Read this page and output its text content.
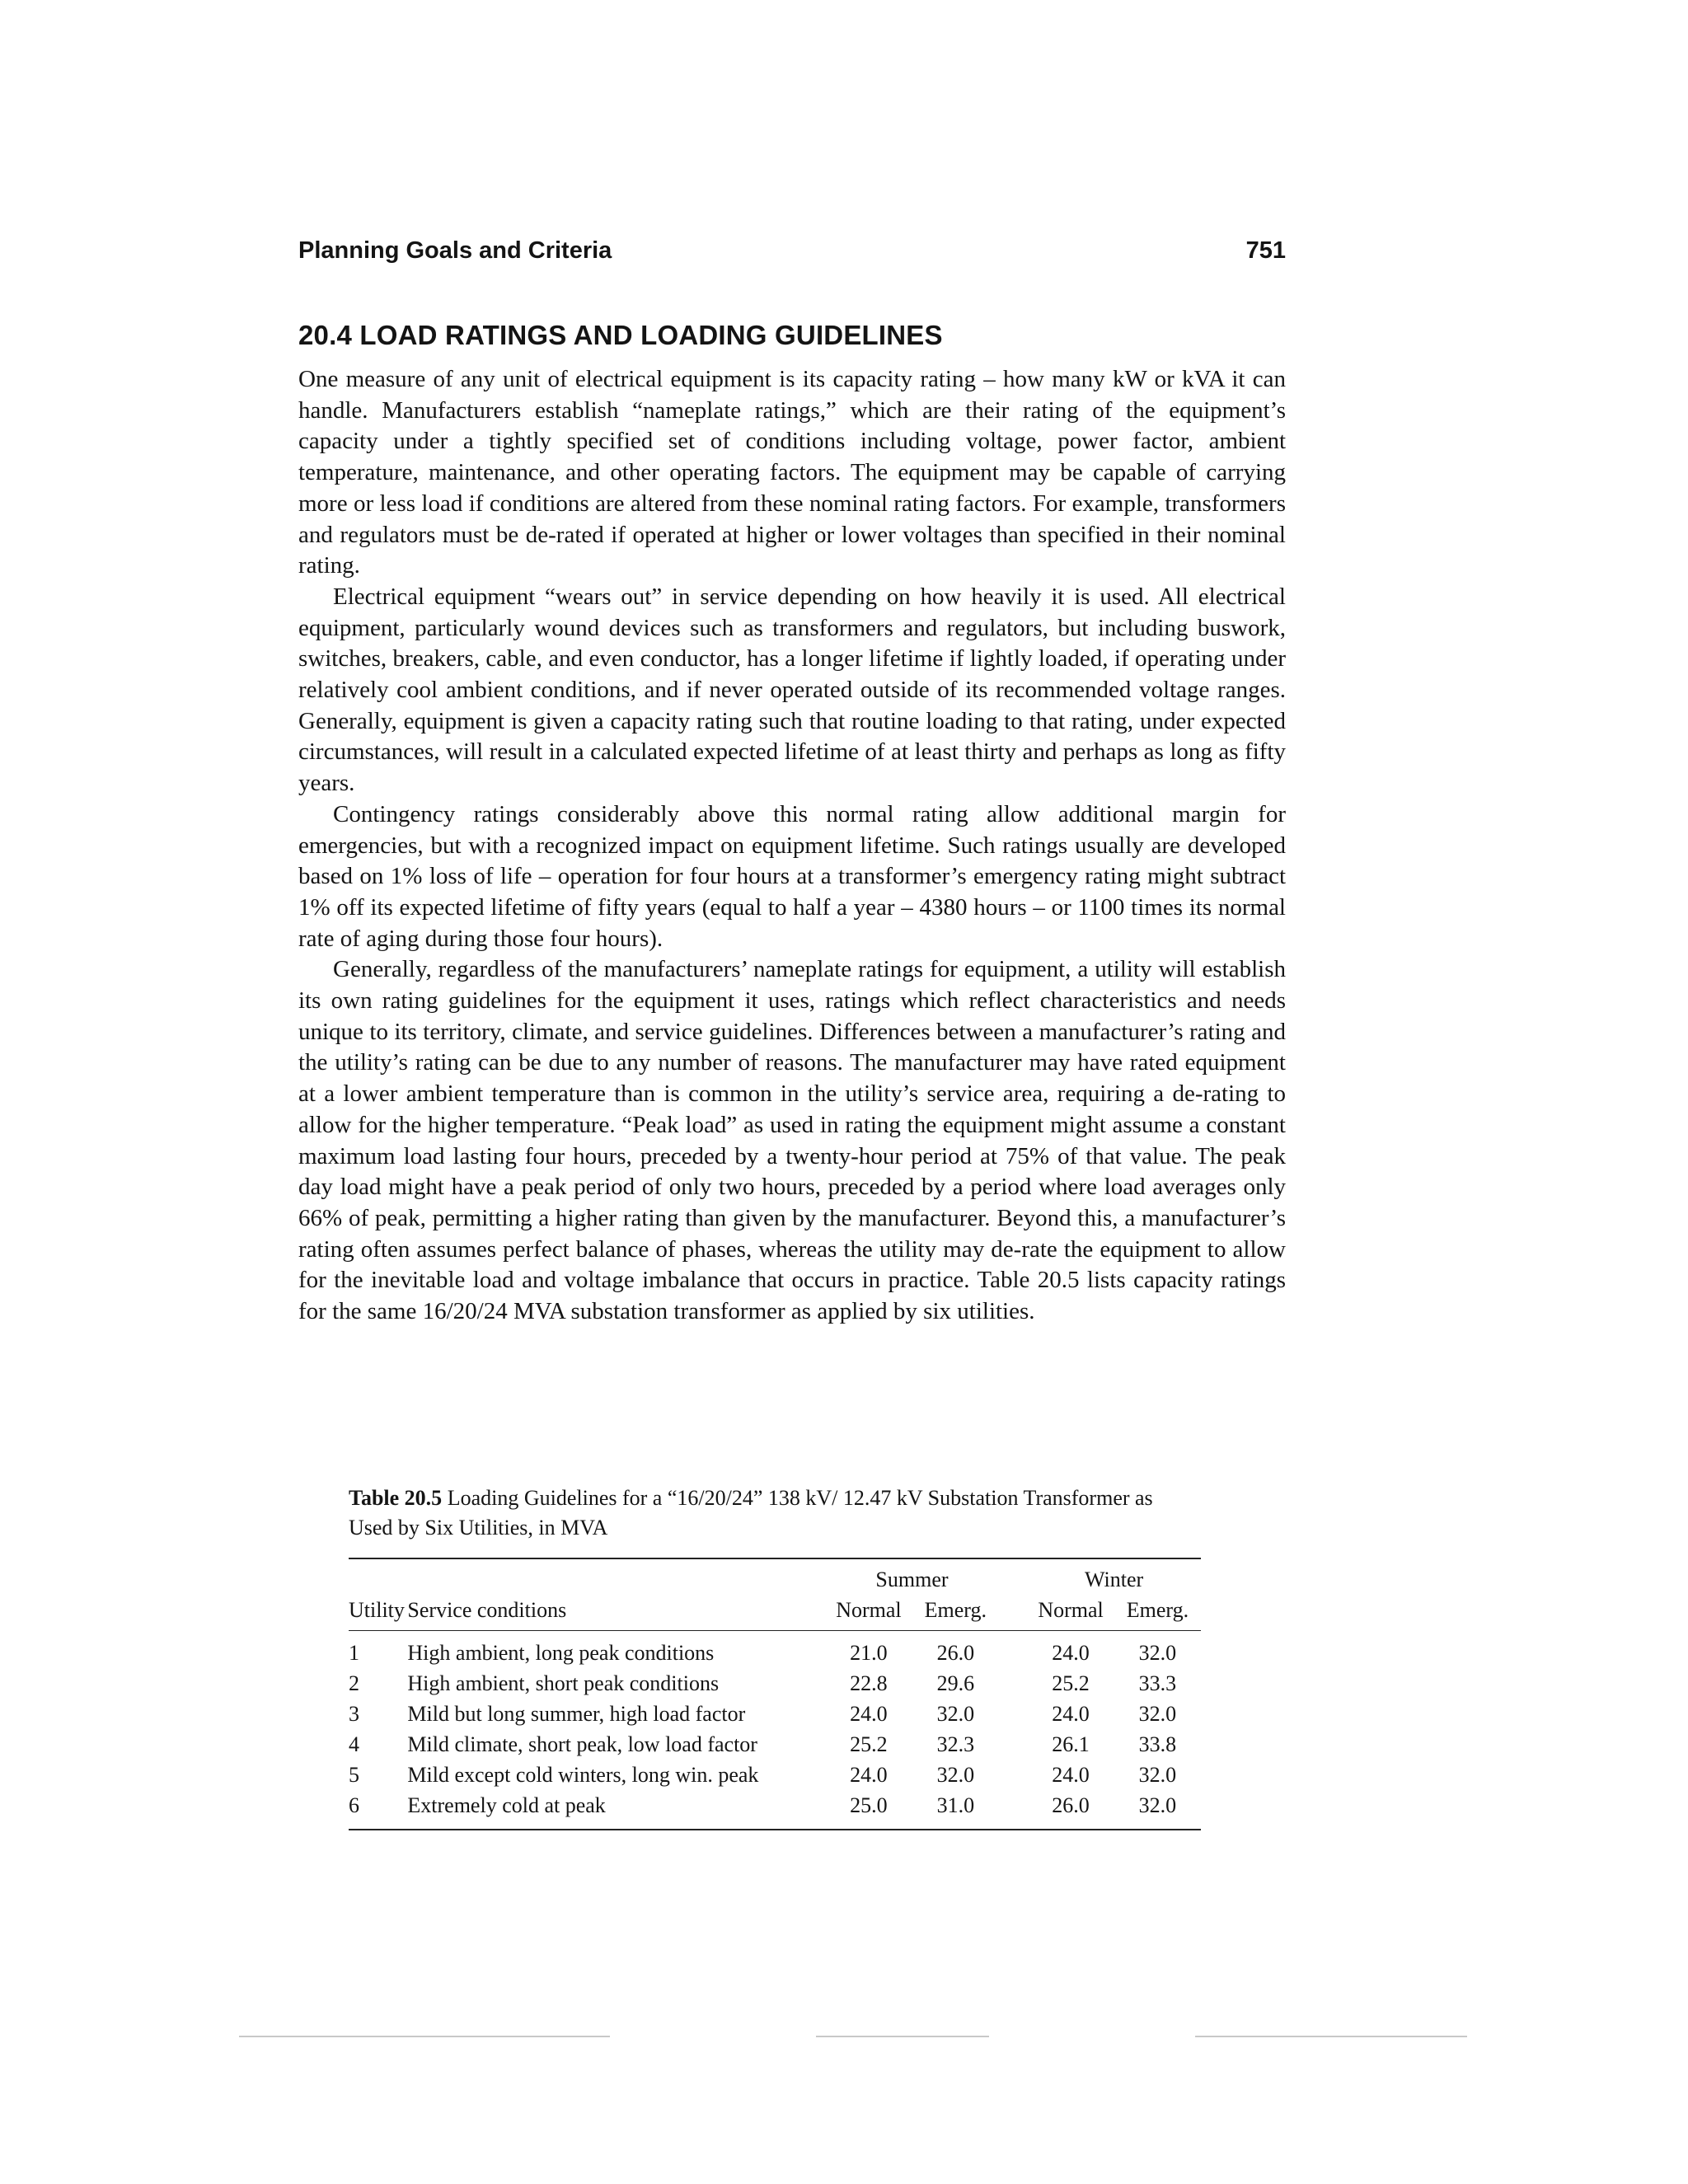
Planning Goals and Criteria	751
20.4 LOAD RATINGS AND LOADING GUIDELINES

One measure of any unit of electrical equipment is its capacity rating – how many kW or kVA it can handle. Manufacturers establish “nameplate ratings,” which are their rating of the equipment’s capacity under a tightly specified set of conditions including voltage, power factor, ambient temperature, maintenance, and other operating factors. The equipment may be capable of carrying more or less load if conditions are altered from these nominal rating factors. For example, transformers and regulators must be de-rated if operated at higher or lower voltages than specified in their nominal rating.

Electrical equipment “wears out” in service depending on how heavily it is used. All electrical equipment, particularly wound devices such as transformers and regulators, but including buswork, switches, breakers, cable, and even conductor, has a longer lifetime if lightly loaded, if operating under relatively cool ambient conditions, and if never operated outside of its recommended voltage ranges. Generally, equipment is given a capacity rating such that routine loading to that rating, under expected circumstances, will result in a calculated expected lifetime of at least thirty and perhaps as long as fifty years.

Contingency ratings considerably above this normal rating allow additional margin for emergencies, but with a recognized impact on equipment lifetime. Such ratings usually are developed based on 1% loss of life – operation for four hours at a transformer’s emergency rating might subtract 1% off its expected lifetime of fifty years (equal to half a year – 4380 hours – or 1100 times its normal rate of aging during those four hours).

Generally, regardless of the manufacturers’ nameplate ratings for equipment, a utility will establish its own rating guidelines for the equipment it uses, ratings which reflect characteristics and needs unique to its territory, climate, and service guidelines. Differences between a manufacturer’s rating and the utility’s rating can be due to any number of reasons. The manufacturer may have rated equipment at a lower ambient temperature than is common in the utility’s service area, requiring a de-rating to allow for the higher temperature. “Peak load” as used in rating the equipment might assume a constant maximum load lasting four hours, preceded by a twenty-hour period at 75% of that value. The peak day load might have a peak period of only two hours, preceded by a period where load averages only 66% of peak, permitting a higher rating than given by the manufacturer. Beyond this, a manufacturer’s rating often assumes perfect balance of phases, whereas the utility may de-rate the equipment to allow for the inevitable load and voltage imbalance that occurs in practice. Table 20.5 lists capacity ratings for the same 16/20/24 MVA substation transformer as applied by six utilities.

Table 20.5 Loading Guidelines for a “16/20/24” 138 kV/ 12.47 kV Substation Transformer as Used by Six Utilities, in MVA
		Summer			Winter	
Utility	Service conditions	Normal	Emerg.		Normal	Emerg.
1	High ambient, long peak conditions	21.0	26.0		24.0	32.0
2	High ambient, short peak conditions	22.8	29.6		25.2	33.3
3	Mild but long summer, high load factor	24.0	32.0		24.0	32.0
4	Mild climate, short peak, low load factor	25.2	32.3		26.1	33.8
5	Mild except cold winters, long win. peak	24.0	32.0		24.0	32.0
6	Extremely cold at peak	25.0	31.0		26.0	32.0
